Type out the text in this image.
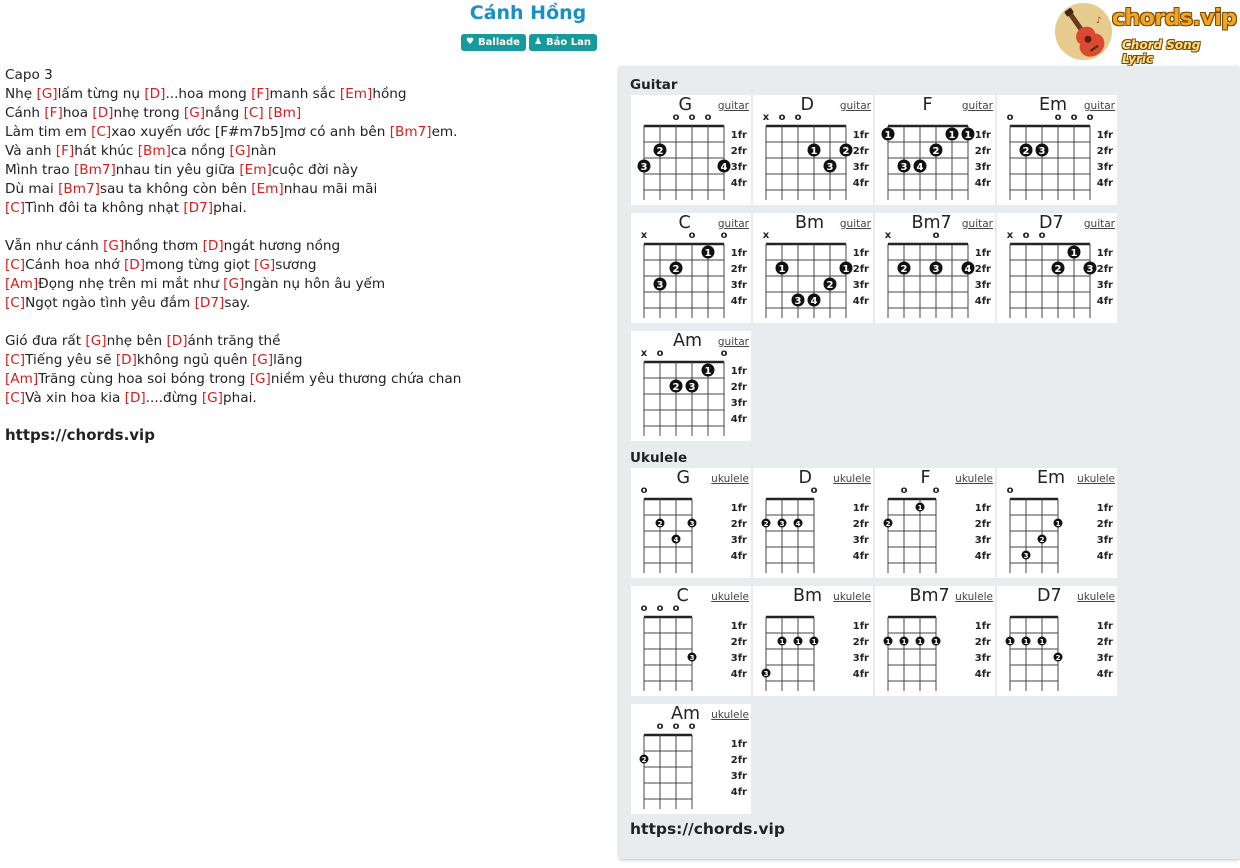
Cánh Hồng
♥ Ballade ♟ Bảo Lan
♪ chords.vip
Chord Song Lyric
Capo 3
Nhẹ [G]lấm từng nụ [D]...hoa mong [F]manh sắc [Em]hồng
Cánh [F]hoa [D]nhẹ trong [G]nắng [C] [Bm]
Làm tim em [C]xao xuyến ước [F#m7b5]mơ có anh bên [Bm7]em.
Và anh [F]hát khúc [Bm]ca nồng [G]nàn
Mình trao [Bm7]nhau tin yêu giữa [Em]cuộc đời này
Dù mai [Bm7]sau ta không còn bên [Em]nhau mãi mãi
[C]Tình đôi ta không nhạt [D7]phai.
Vẫn như cánh [G]hồng thơm [D]ngát hương nồng
[C]Cánh hoa nhớ [D]mong từng giọt [G]sương
[Am]Đọng nhẹ trên mi mắt như [G]ngàn nụ hôn âu yếm
[C]Ngọt ngào tình yêu đắm [D7]say.
Gió đưa rất [G]nhẹ bên [D]ánh trăng thề
[C]Tiếng yêu sẽ [D]không ngủ quên [G]lãng
[Am]Trăng cùng hoa soi bóng trong [G]niềm yêu thương chứa chan
[C]Và xin hoa kia [D]....đừng [G]phai.
https://chords.vip
Guitar
1fr
2fr
3fr
4fr
o o o
3
2
4
G guitar
1fr
2fr
3fr
4fr
x o o
1
3
2
D guitar
1fr
2fr
3fr
4fr
1
3 4
2
1 1
F	guitar
1fr
2fr
3fr
4fr
o	o o o
2 3
Em guitar
1fr
2fr
3fr
4fr
x	o	o
3
2
1
C	guitar
1fr
2fr
3fr
4fr
x
1
3 4
2
1
Bm guitar
1fr
2fr
3fr
4fr
x	o
2	3	4
Bm7 guitar
1fr
2fr
3fr
4fr
x o o
2
1
3
D7 guitar
1fr
2fr
3fr
4fr
x o	o
2 3
1
Am guitar
Ukulele
1fr
2fr
3fr
4fr
o
2
4
3
G ukulele
1fr
2fr
3fr
4fr
o
2 3 4
D ukulele
1fr
2fr
3fr
4fr
o	o
2
1
F ukulele
1fr
2fr
3fr
4fr
o
3
2
1
Em ukulele
1fr
2fr
3fr
4fr
o o o
3
C ukulele
1fr
2fr
3fr
4fr
3
1 1 1
Bm ukulele
1fr
2fr
3fr
4fr
1 1 1 1
Bm7 ukulele
1fr
2fr
3fr
4fr
1 1 1
2
D7 ukulele
1fr
2fr
3fr
4fr
o o o
2
Am ukulele
https://chords.vip
